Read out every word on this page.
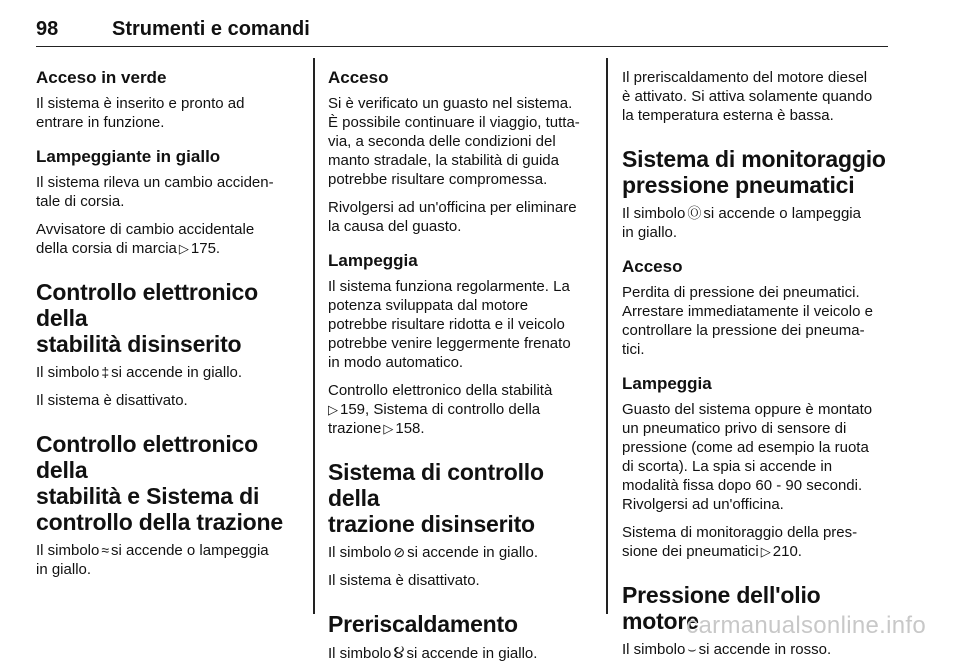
98	Strumenti e comandi
Acceso in verde
Il sistema è inserito e pronto ad
entrare in funzione.
Lampeggiante in giallo
Il sistema rileva un cambio acciden-
tale di corsia.
Avvisatore di cambio accidentale
della corsia di marcia ▷ 175.
Controllo elettronico della
stabilità disinserito
Il simbolo ‡ si accende in giallo.
Il sistema è disattivato.
Controllo elettronico della
stabilità e Sistema di
controllo della trazione
Il simbolo ≈ si accende o lampeggia
in giallo.
Acceso
Si è verificato un guasto nel sistema.
È possibile continuare il viaggio, tutta-
via, a seconda delle condizioni del
manto stradale, la stabilità di guida
potrebbe risultare compromessa.
Rivolgersi ad un'officina per eliminare
la causa del guasto.
Lampeggia
Il sistema funziona regolarmente. La
potenza sviluppata dal motore
potrebbe risultare ridotta e il veicolo
potrebbe venire leggermente frenato
in modo automatico.
Controllo elettronico della stabilità
▷ 159, Sistema di controllo della
trazione ▷ 158.
Sistema di controllo della
trazione disinserito
Il simbolo ⊘ si accende in giallo.
Il sistema è disattivato.
Preriscaldamento
Il simbolo ૪ si accende in giallo.
Il preriscaldamento del motore diesel
è attivato. Si attiva solamente quando
la temperatura esterna è bassa.
Sistema di monitoraggio
pressione pneumatici
Il simbolo Ⓞ si accende o lampeggia
in giallo.
Acceso
Perdita di pressione dei pneumatici.
Arrestare immediatamente il veicolo e
controllare la pressione dei pneuma-
tici.
Lampeggia
Guasto del sistema oppure è montato
un pneumatico privo di sensore di
pressione (come ad esempio la ruota
di scorta). La spia si accende in
modalità fissa dopo 60 - 90 secondi.
Rivolgersi ad un'officina.
Sistema di monitoraggio della pres-
sione dei pneumatici ▷ 210.
Pressione dell'olio motore
Il simbolo ⌣ si accende in rosso.
carmanualsonline.info
